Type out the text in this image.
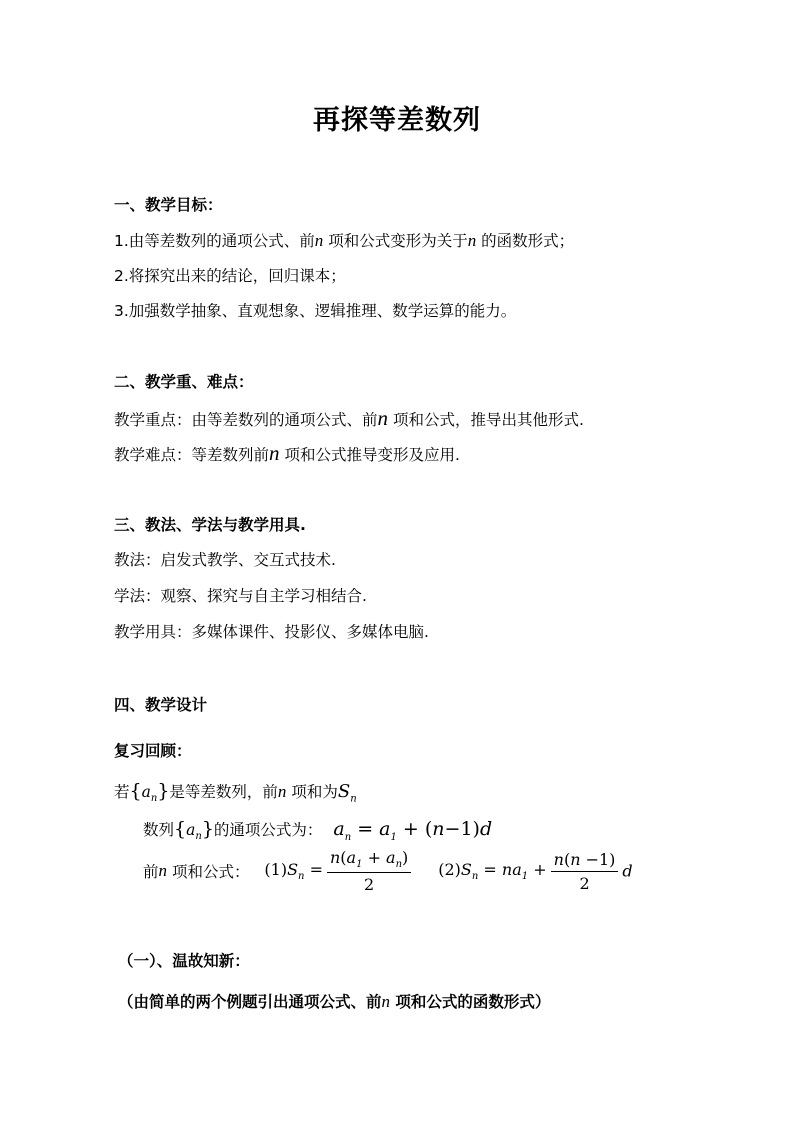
再探等差数列
一、教学目标：
1.由等差数列的通项公式、前n 项和公式变形为关于n 的函数形式；
2.将探究出来的结论，回归课本；
3.加强数学抽象、直观想象、逻辑推理、数学运算的能力。
二、教学重、难点：
教学重点：由等差数列的通项公式、前n 项和公式，推导出其他形式.
教学难点：等差数列前n 项和公式推导变形及应用.
三、教法、学法与教学用具.
教法：启发式教学、交互式技术.
学法：观察、探究与自主学习相结合.
教学用具：多媒体课件、投影仪、多媒体电脑.
四、教学设计
复习回顾：
若$\{a_n\}$是等差数列，前n 项和为$S_n$
数列$\{a_n\}$的通项公式为： $a_n = a_1 + (n-1)d$
前n 项和公式： $(1)S_n = \frac{n(a_1 + a_n)}{2} (2)S_n = na_1 + \frac{n(n -1)}{2}$ d
（一）、温故知新：
（由简单的两个例题引出通项公式、前n 项和公式的函数形式）
